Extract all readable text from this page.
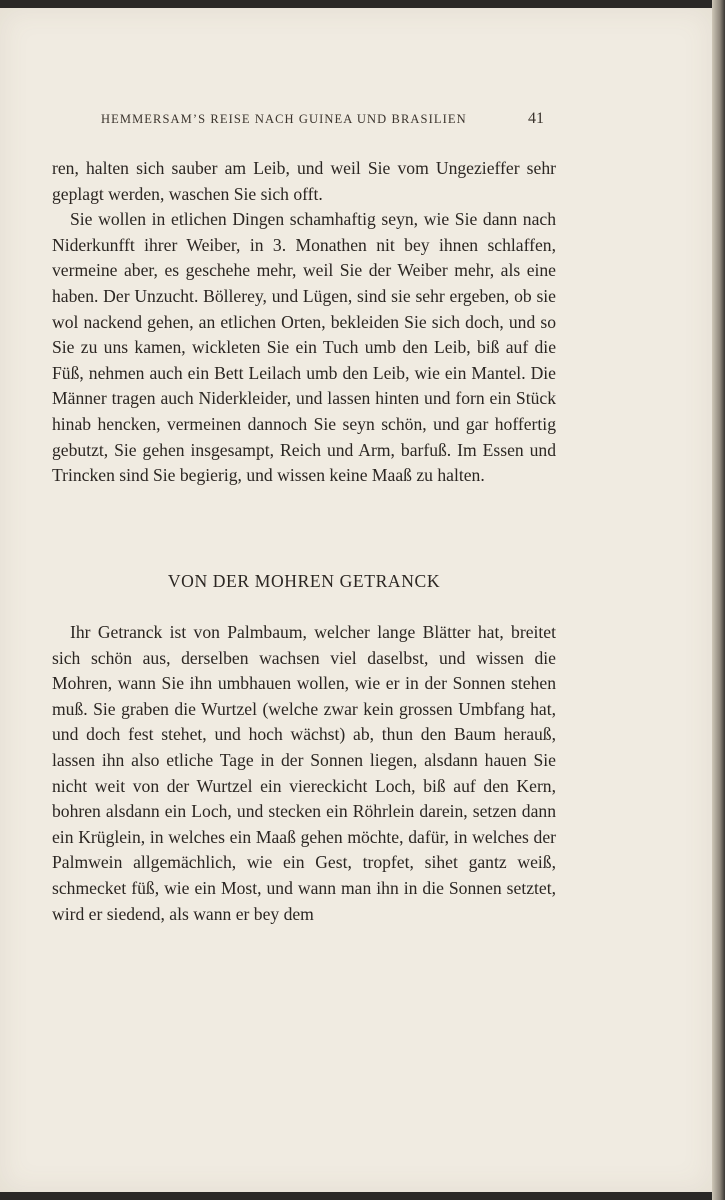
HEMMERSAM’S REISE NACH GUINEA UND BRASILIEN	41

ren, halten sich sauber am Leib, und weil Sie vom Ungezieffer sehr geplagt werden, waschen Sie sich offt.

Sie wollen in etlichen Dingen schamhaftig seyn, wie Sie dann nach Niderkunfft ihrer Weiber, in 3. Monathen nit bey ihnen schlaffen, vermeine aber, es geschehe mehr, weil Sie der Weiber mehr, als eine haben. Der Unzucht. Böllerey, und Lügen, sind sie sehr ergeben, ob sie wol nackend gehen, an etlichen Orten, bekleiden Sie sich doch, und so Sie zu uns kamen, wickleten Sie ein Tuch umb den Leib, biß auf die Füß, nehmen auch ein Bett Leilach umb den Leib, wie ein Mantel. Die Männer tragen auch Niderkleider, und lassen hinten und forn ein Stück hinab hencken, vermeinen dannoch Sie seyn schön, und gar hoffertig gebutzt, Sie gehen insgesampt, Reich und Arm, barfuß. Im Essen und Trincken sind Sie begierig, und wissen keine Maaß zu halten.

VON DER MOHREN GETRANCK

Ihr Getranck ist von Palmbaum, welcher lange Blätter hat, breitet sich schön aus, derselben wachsen viel daselbst, und wissen die Mohren, wann Sie ihn umbhauen wollen, wie er in der Sonnen stehen muß. Sie graben die Wurtzel (welche zwar kein grossen Umbfang hat, und doch fest stehet, und hoch wächst) ab, thun den Baum herauß, lassen ihn also etliche Tage in der Sonnen liegen, alsdann hauen Sie nicht weit von der Wurtzel ein viereckicht Loch, biß auf den Kern, bohren alsdann ein Loch, und stecken ein Röhrlein darein, setzen dann ein Krüglein, in welches ein Maaß gehen möchte, dafür, in welches der Palmwein allgemächlich, wie ein Gest, tropfet, sihet gantz weiß, schmecket füß, wie ein Most, und wann man ihn in die Sonnen setztet, wird er siedend, als wann er bey dem
